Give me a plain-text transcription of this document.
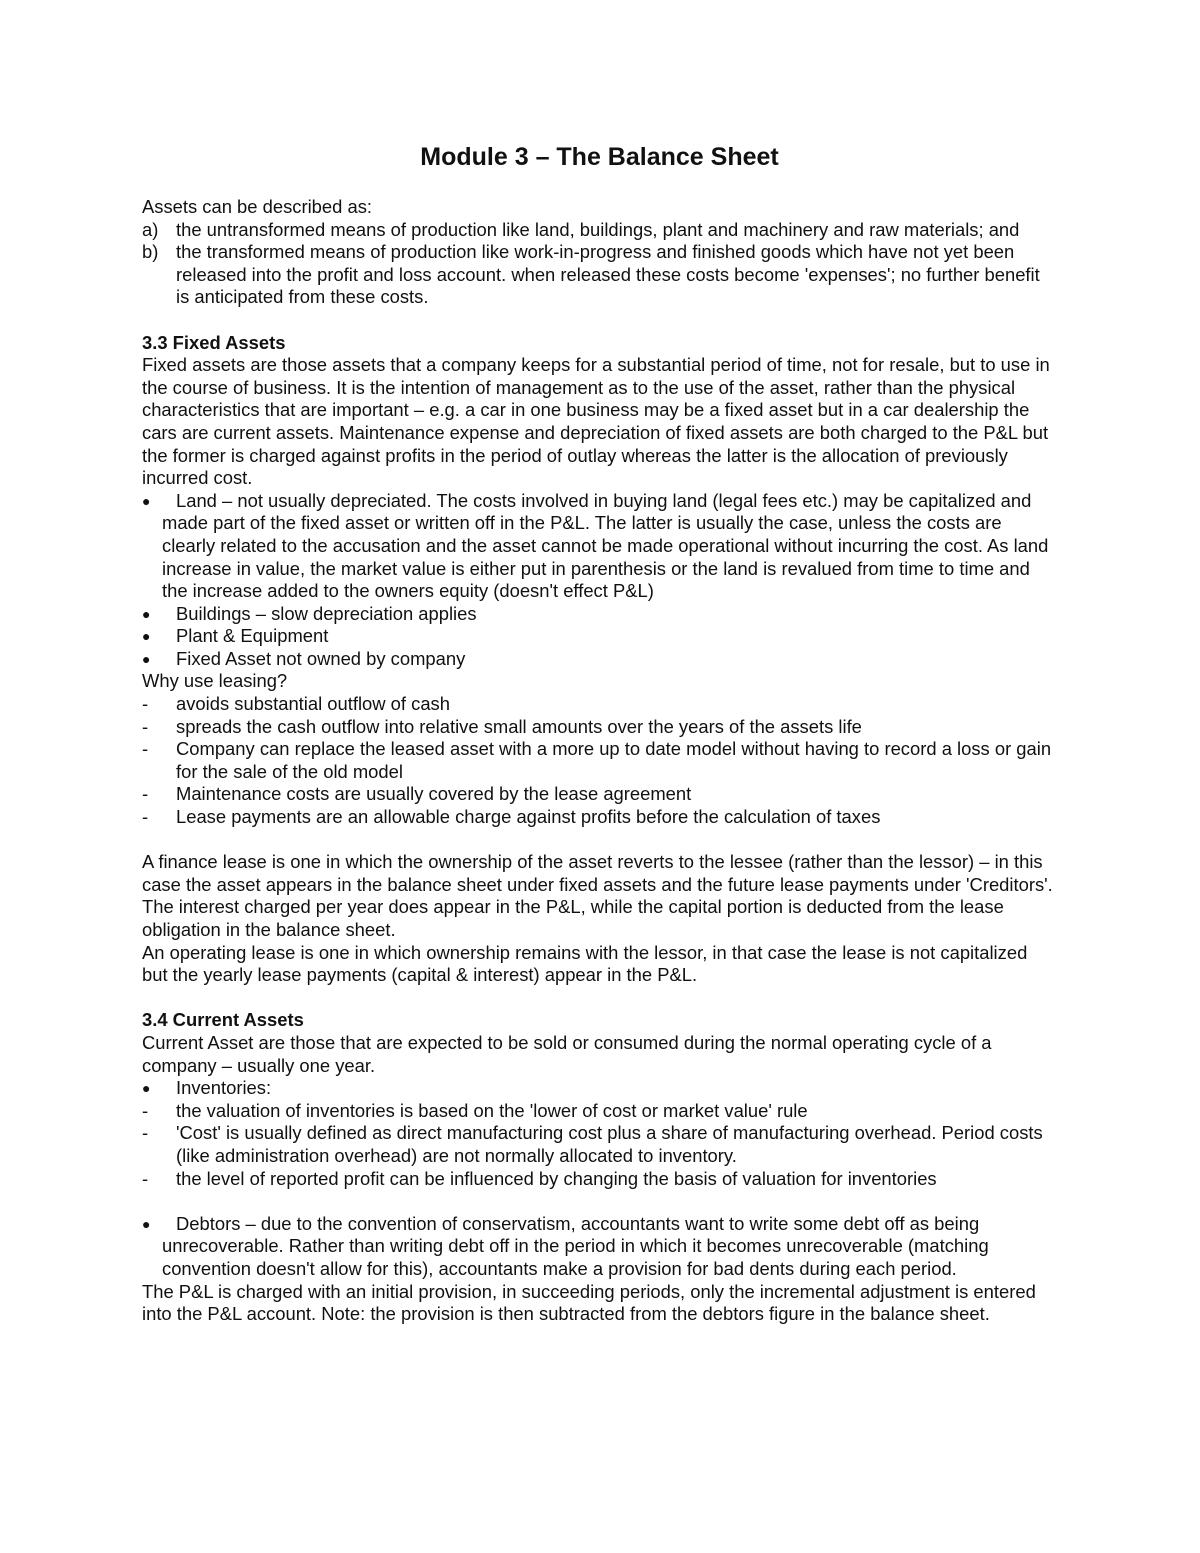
Module 3 – The Balance Sheet

Assets can be described as:

a) the untransformed means of production like land, buildings, plant and machinery and raw materials; and
b) the transformed means of production like work-in-progress and finished goods which have not yet been released into the profit and loss account. when released these costs become 'expenses'; no further benefit is anticipated from these costs.

3.3 Fixed Assets

Fixed assets are those assets that a company keeps for a substantial period of time, not for resale, but to use in the course of business. It is the intention of management as to the use of the asset, rather than the physical characteristics that are important – e.g. a car in one business may be a fixed asset but in a car dealership the cars are current assets. Maintenance expense and depreciation of fixed assets are both charged to the P&L but the former is charged against profits in the period of outlay whereas the latter is the allocation of previously incurred cost.

● Land – not usually depreciated. The costs involved in buying land (legal fees etc.) may be capitalized and made part of the fixed asset or written off in the P&L. The latter is usually the case, unless the costs are clearly related to the accusation and the asset cannot be made operational without incurring the cost. As land increase in value, the market value is either put in parenthesis or the land is revalued from time to time and the increase added to the owners equity (doesn't effect P&L)
● Buildings – slow depreciation applies
● Plant & Equipment
● Fixed Asset not owned by company

Why use leasing?

- avoids substantial outflow of cash
- spreads the cash outflow into relative small amounts over the years of the assets life
- Company can replace the leased asset with a more up to date model without having to record a loss or gain for the sale of the old model
- Maintenance costs are usually covered by the lease agreement
- Lease payments are an allowable charge against profits before the calculation of taxes

A finance lease is one in which the ownership of the asset reverts to the lessee (rather than the lessor) – in this case the asset appears in the balance sheet under fixed assets and the future lease payments under 'Creditors'. The interest charged per year does appear in the P&L, while the capital portion is deducted from the lease obligation in the balance sheet.

An operating lease is one in which ownership remains with the lessor, in that case the lease is not capitalized but the yearly lease payments (capital & interest) appear in the P&L.

3.4 Current Assets

Current Asset are those that are expected to be sold or consumed during the normal operating cycle of a company – usually one year.

● Inventories:
- the valuation of inventories is based on the 'lower of cost or market value' rule
- 'Cost' is usually defined as direct manufacturing cost plus a share of manufacturing overhead. Period costs (like administration overhead) are not normally allocated to inventory.
- the level of reported profit can be influenced by changing the basis of valuation for inventories
● Debtors – due to the convention of conservatism, accountants want to write some debt off as being unrecoverable. Rather than writing debt off in the period in which it becomes unrecoverable (matching convention doesn't allow for this), accountants make a provision for bad dents during each period.

The P&L is charged with an initial provision, in succeeding periods, only the incremental adjustment is entered into the P&L account. Note: the provision is then subtracted from the debtors figure in the balance sheet.
